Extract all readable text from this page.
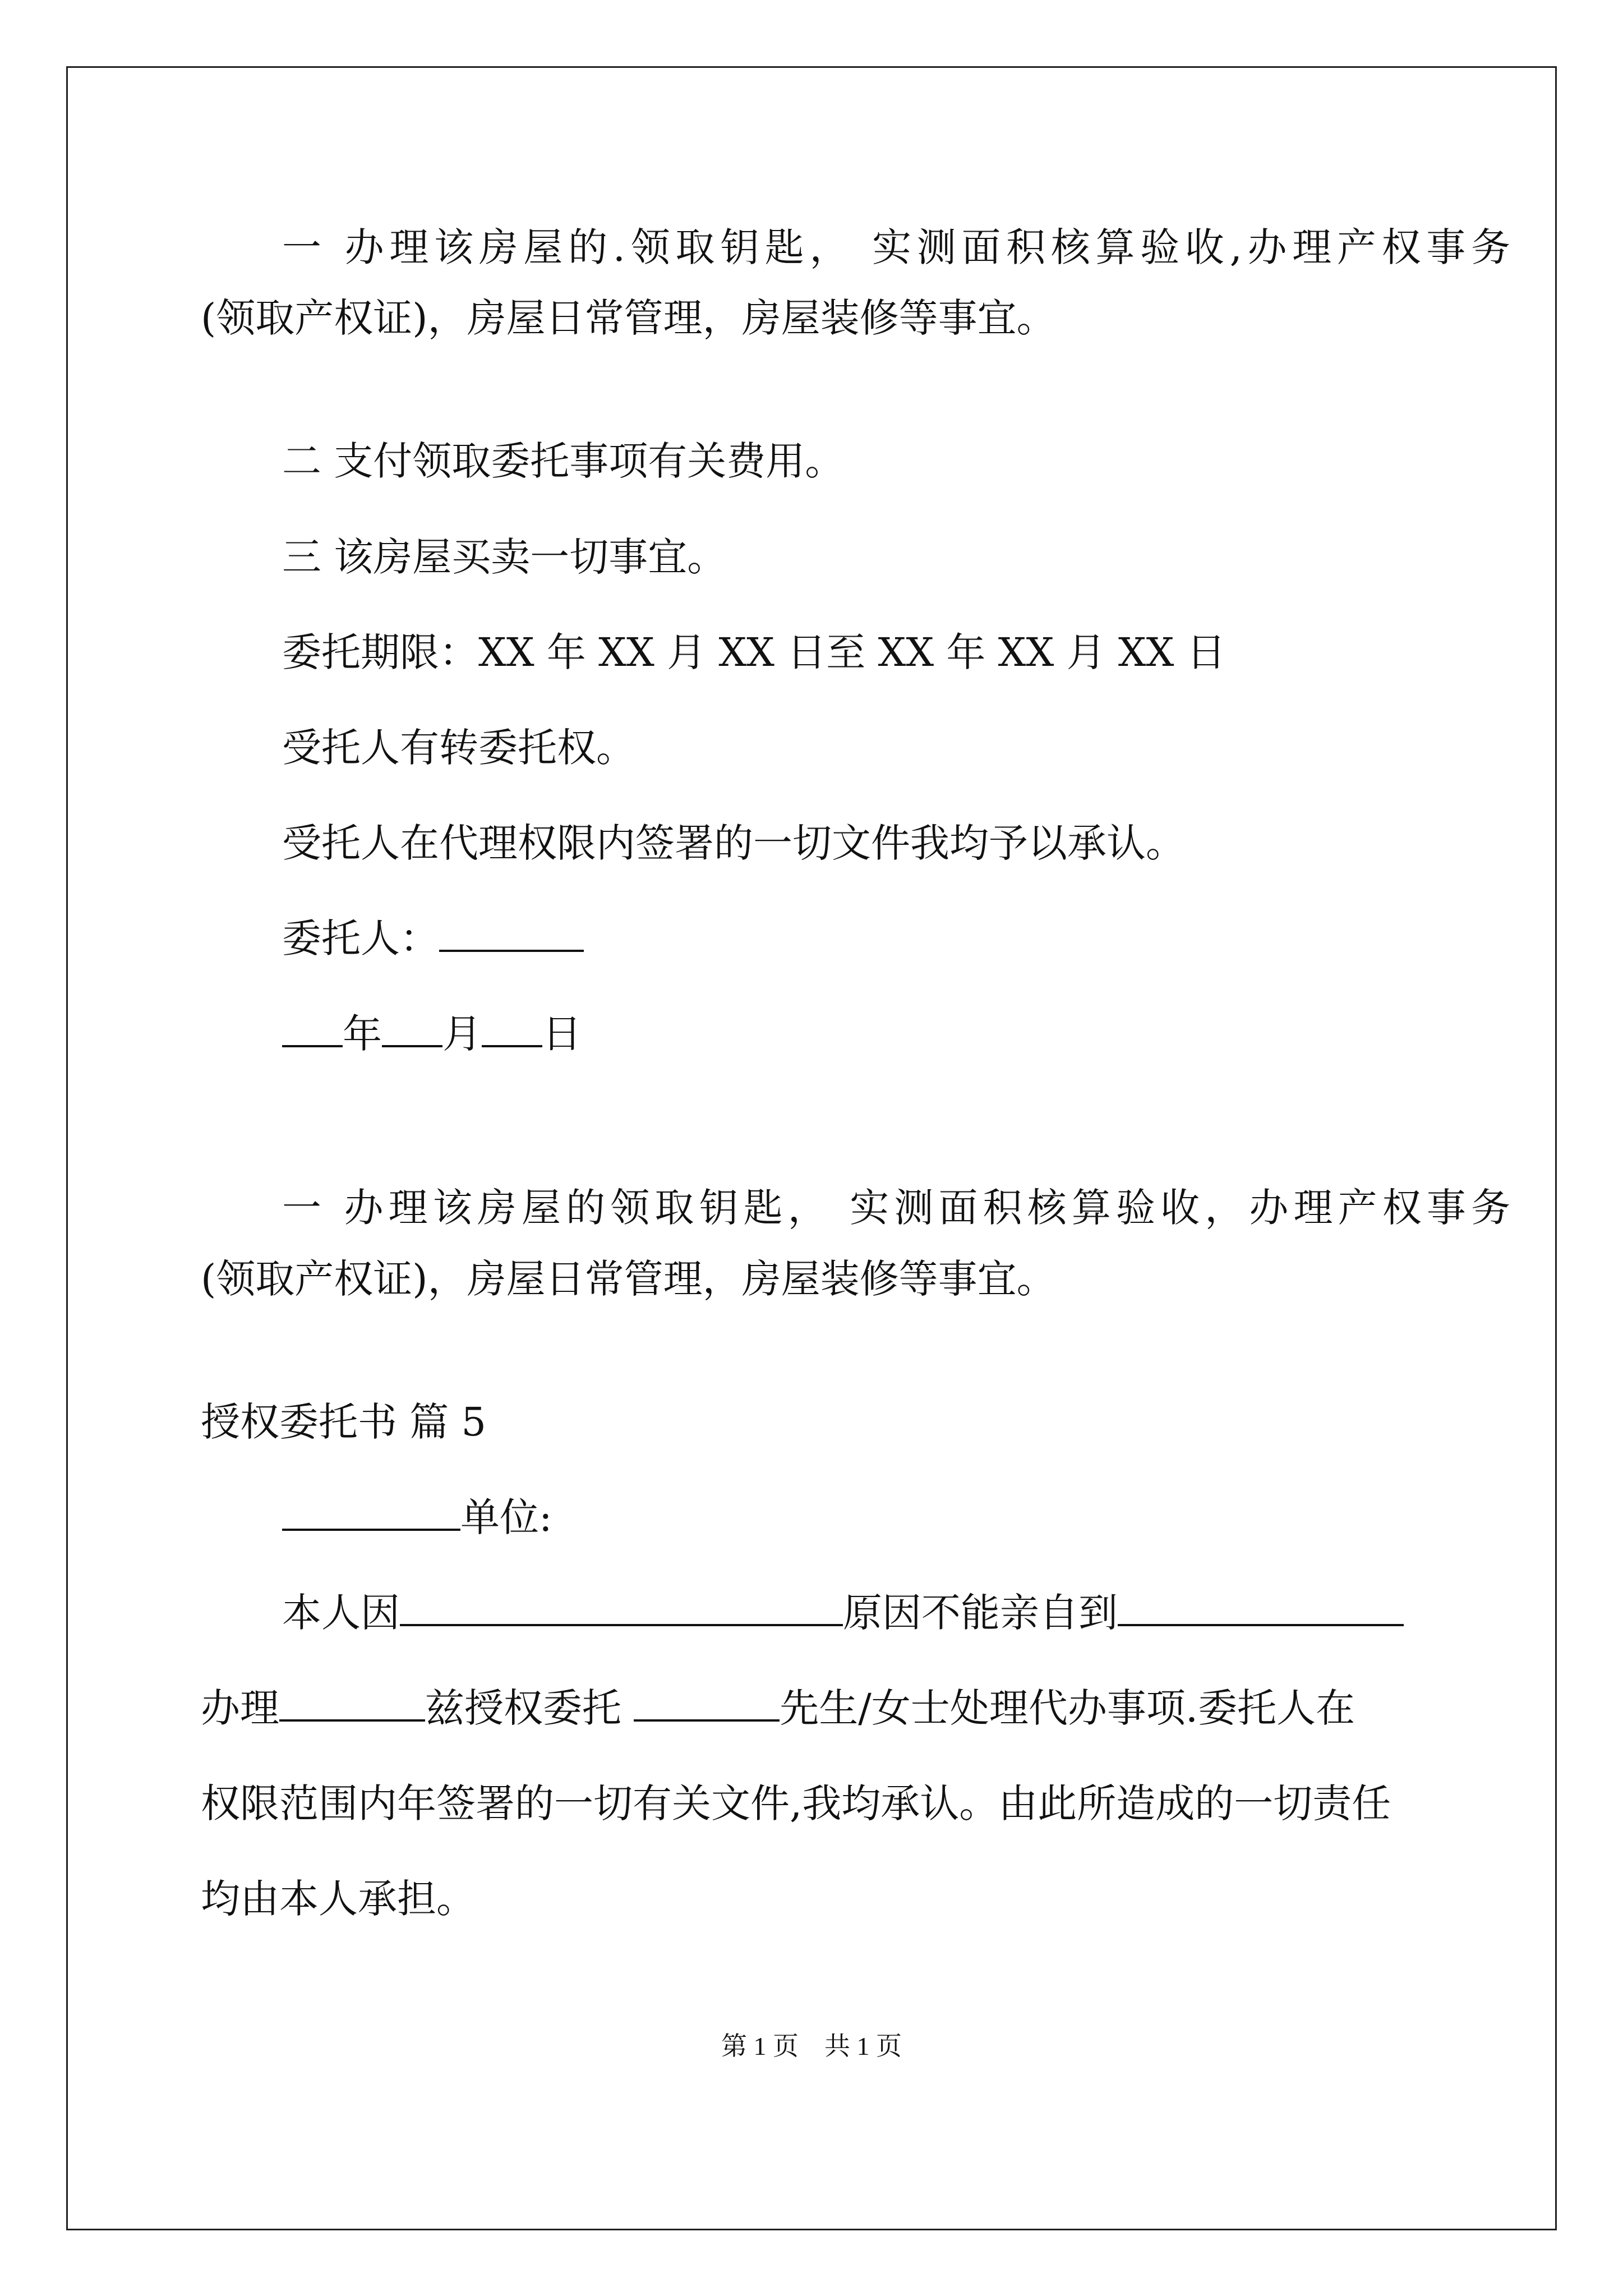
一 办理该房屋的.领取钥匙， 实测面积核算验收,办理产权事务
(领取产权证)，房屋日常管理，房屋装修等事宜。
二 支付领取委托事项有关费用。
三 该房屋买卖一切事宜。
委托期限：XX 年 XX 月 XX 日至 XX 年 XX 月 XX 日
受托人有转委托权。
受托人在代理权限内签署的一切文件我均予以承认。
委托人：
年 月 日
一 办理该房屋的领取钥匙， 实测面积核算验收，办理产权事务
(领取产权证)，房屋日常管理，房屋装修等事宜。
授权委托书 篇 5
单位:
本人因	原因不能亲自到
办理	兹授权委托	先生/女士处理代办事项.委托人在
权限范围内年签署的一切有关文件,我均承认。由此所造成的一切责任
均由本人承担。
第 1 页　共 1 页
